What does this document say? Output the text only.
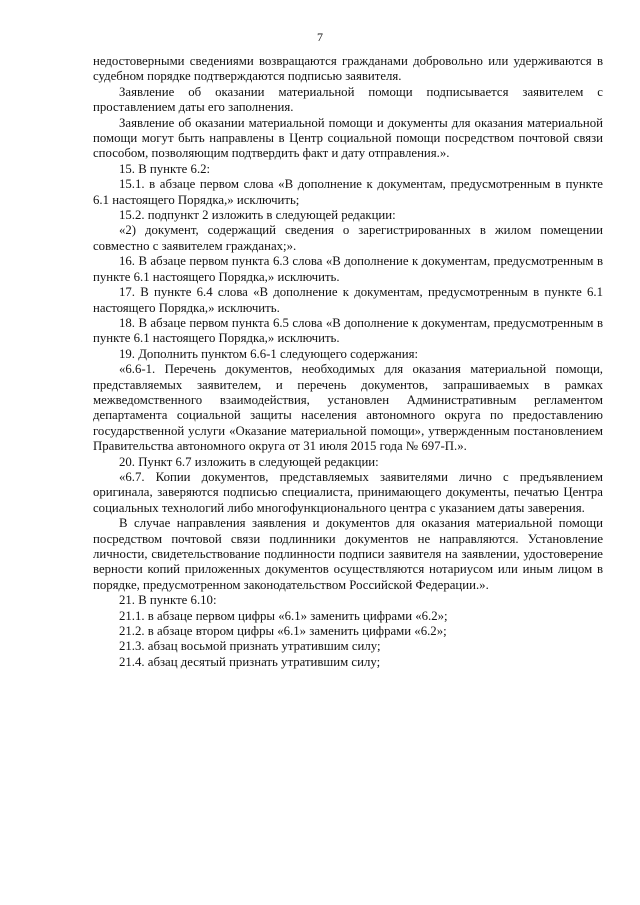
7

недостоверными сведениями возвращаются гражданами добровольно или удерживаются в судебном порядке подтверждаются подписью заявителя.

Заявление об оказании материальной помощи подписывается заявителем с проставлением даты его заполнения.

Заявление об оказании материальной помощи и документы для оказания материальной помощи могут быть направлены в Центр социальной помощи посредством почтовой связи способом, позволяющим подтвердить факт и дату отправления.».

15. В пункте 6.2:

15.1. в абзаце первом слова «В дополнение к документам, предусмотренным в пункте 6.1 настоящего Порядка,» исключить;

15.2. подпункт 2 изложить в следующей редакции:

«2) документ, содержащий сведения о зарегистрированных в жилом помещении совместно с заявителем гражданах;».

16. В абзаце первом пункта 6.3 слова «В дополнение к документам, предусмотренным в пункте 6.1 настоящего Порядка,» исключить.

17. В пункте 6.4 слова «В дополнение к документам, предусмотренным в пункте 6.1 настоящего Порядка,» исключить.

18. В абзаце первом пункта 6.5 слова «В дополнение к документам, предусмотренным в пункте 6.1 настоящего Порядка,» исключить.

19. Дополнить пунктом 6.6-1 следующего содержания:

«6.6-1. Перечень документов, необходимых для оказания материальной помощи, представляемых заявителем, и перечень документов, запрашиваемых в рамках межведомственного взаимодействия, установлен Административным регламентом департамента социальной защиты населения автономного округа по предоставлению государственной услуги «Оказание материальной помощи», утвержденным постановлением Правительства автономного округа от 31 июля 2015 года № 697-П.».

20. Пункт 6.7 изложить в следующей редакции:

«6.7. Копии документов, представляемых заявителями лично с предъявлением оригинала, заверяются подписью специалиста, принимающего документы, печатью Центра социальных технологий либо многофункционального центра с указанием даты заверения.

В случае направления заявления и документов для оказания материальной помощи посредством почтовой связи подлинники документов не направляются. Установление личности, свидетельствование подлинности подписи заявителя на заявлении, удостоверение верности копий приложенных документов осуществляются нотариусом или иным лицом в порядке, предусмотренном законодательством Российской Федерации.».

21. В пункте 6.10:

21.1. в абзаце первом цифры «6.1» заменить цифрами «6.2»;

21.2. в абзаце втором цифры «6.1» заменить цифрами «6.2»;

21.3. абзац восьмой признать утратившим силу;

21.4. абзац десятый признать утратившим силу;
